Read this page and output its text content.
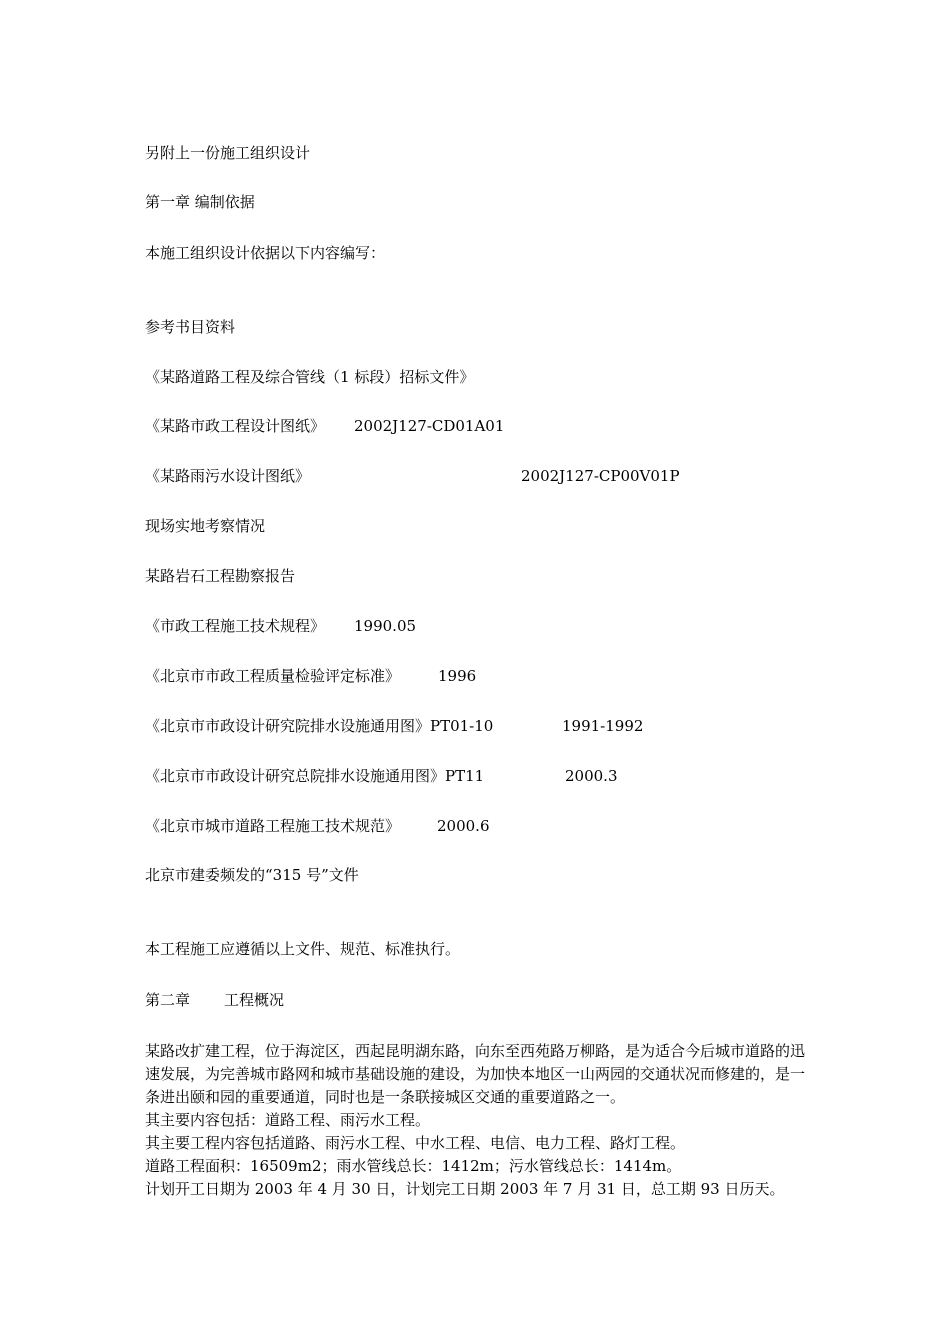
另附上一份施工组织设计
第一章 编制依据
本施工组织设计依据以下内容编写：
参考书目资料
《某路道路工程及综合管线（1 标段）招标文件》
《某路市政工程设计图纸》 2002J127-CD01A01
《某路雨污水设计图纸》	2002J127-CP00V01P
现场实地考察情况
某路岩石工程勘察报告
《市政工程施工技术规程》 1990.05
《北京市市政工程质量检验评定标准》	1996
《北京市市政设计研究院排水设施通用图》PT01-10	1991-1992
《北京市市政设计研究总院排水设施通用图》PT11	2000.3
《北京市城市道路工程施工技术规范》 2000.6
北京市建委频发的“315 号”文件
本工程施工应遵循以上文件、规范、标准执行。
第二章 工程概况

某路改扩建工程，位于海淀区，西起昆明湖东路，向东至西苑路万柳路，是为适合今后城市道路的迅速发展，为完善城市路网和城市基础设施的建设，为加快本地区一山两园的交通状况而修建的，是一条进出颐和园的重要通道，同时也是一条联接城区交通的重要道路之一。

其主要内容包括：道路工程、雨污水工程。

其主要工程内容包括道路、雨污水工程、中水工程、电信、电力工程、路灯工程。

道路工程面积：16509m2；雨水管线总长：1412m；污水管线总长：1414m。

计划开工日期为 2003 年 4 月 30 日，计划完工日期 2003 年 7 月 31 日，总工期 93 日历天。
